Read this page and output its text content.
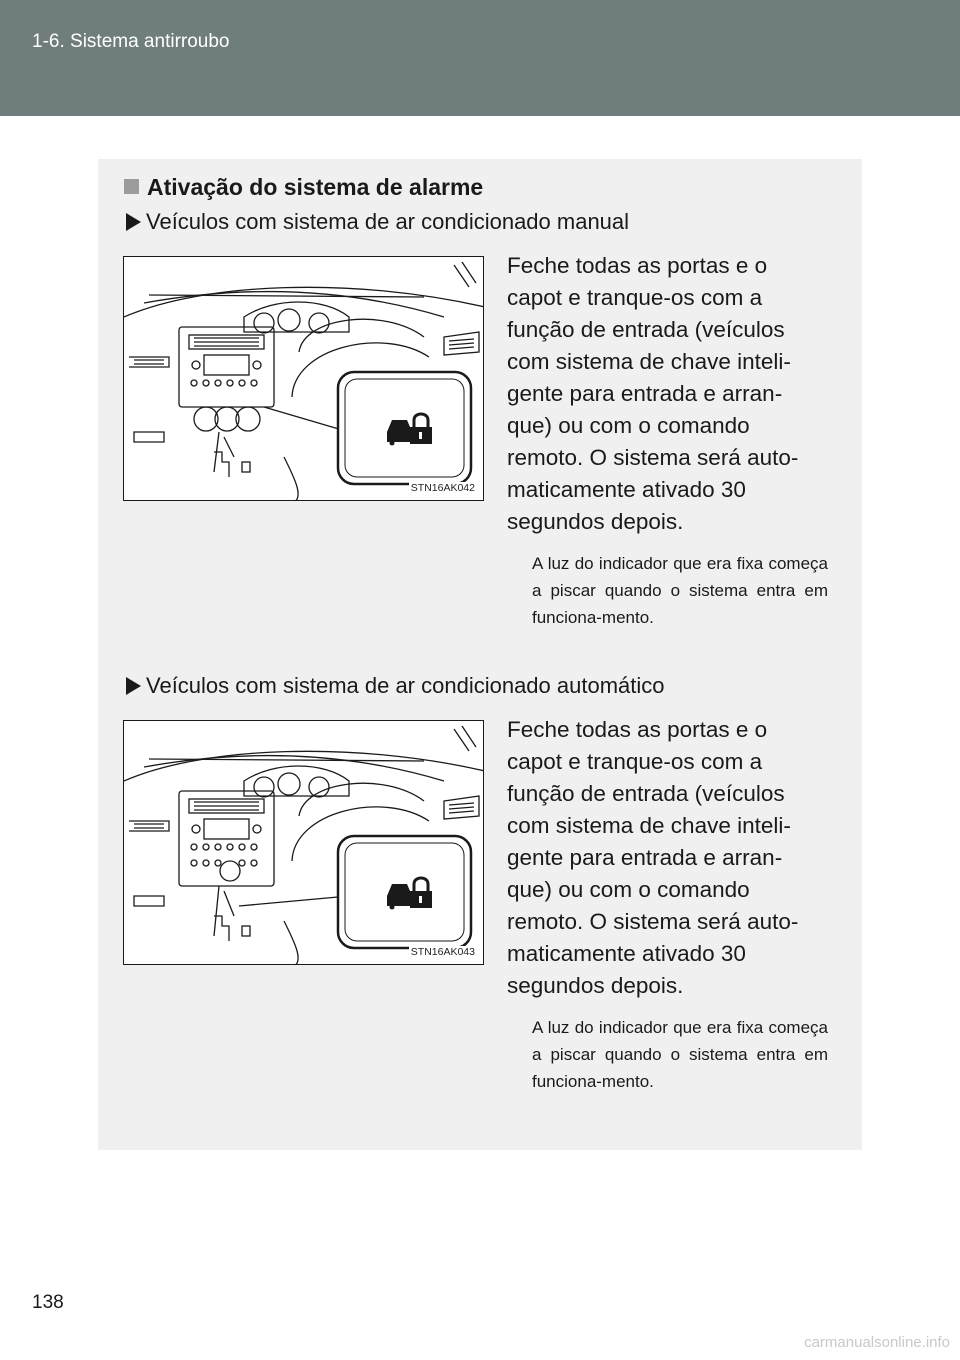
1-6. Sistema antirroubo
Ativação do sistema de alarme
Veículos com sistema de ar condicionado manual
STN16AK042
Feche todas as portas e o capot e tranque-os com a função de entrada (veículos com sistema de chave inteli-gente para entrada e arran-que) ou com o comando remoto. O sistema será auto-maticamente ativado 30 segundos depois.
A luz do indicador que era fixa começa a piscar quando o sistema entra em funciona-mento.
Veículos com sistema de ar condicionado automático
STN16AK043
Feche todas as portas e o capot e tranque-os com a função de entrada (veículos com sistema de chave inteli-gente para entrada e arran-que) ou com o comando remoto. O sistema será auto-maticamente ativado 30 segundos depois.
A luz do indicador que era fixa começa a piscar quando o sistema entra em funciona-mento.
138
carmanualsonline.info
